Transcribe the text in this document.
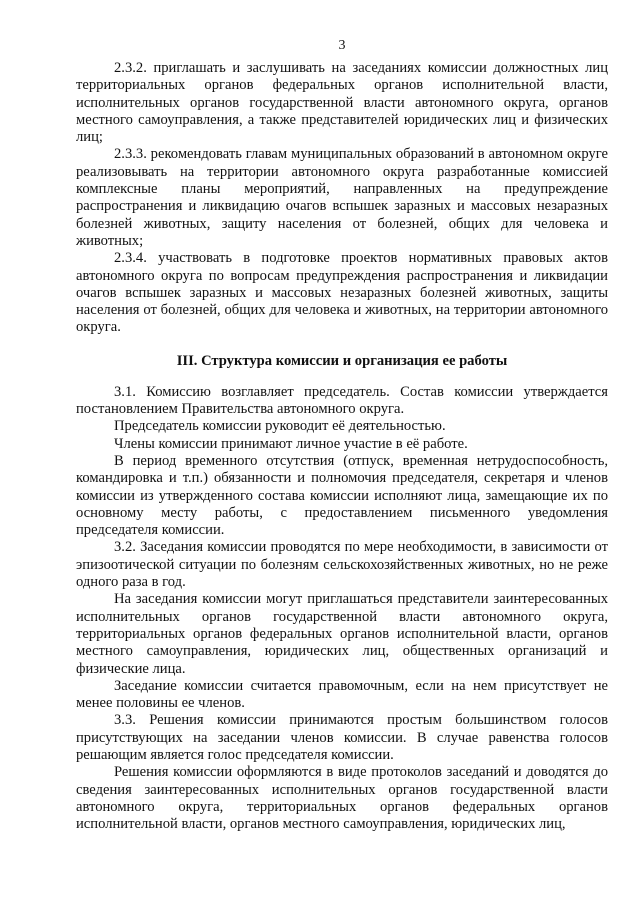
3

2.3.2. приглашать и заслушивать на заседаниях комиссии должностных лиц территориальных органов федеральных органов исполнительной власти, исполнительных органов государственной власти автономного округа, органов местного самоуправления, а также представителей юридических лиц и физических лиц;

2.3.3. рекомендовать главам муниципальных образований в автономном округе реализовывать на территории автономного округа разработанные комиссией комплексные планы мероприятий, направленных на предупреждение распространения и ликвидацию очагов вспышек заразных и массовых незаразных болезней животных, защиту населения от болезней, общих для человека и животных;

2.3.4. участвовать в подготовке проектов нормативных правовых актов автономного округа по вопросам предупреждения распространения и ликвидации очагов вспышек заразных и массовых незаразных болезней животных, защиты населения от болезней, общих для человека и животных, на территории автономного округа.

III. Структура комиссии и организация ее работы

3.1. Комиссию возглавляет председатель. Состав комиссии утверждается постановлением Правительства автономного округа.

Председатель комиссии руководит её деятельностью.

Члены комиссии принимают личное участие в её работе.

В период временного отсутствия (отпуск, временная нетрудоспособность, командировка и т.п.) обязанности и полномочия председателя, секретаря и членов комиссии из утвержденного состава комиссии исполняют лица, замещающие их по основному месту работы, с предоставлением письменного уведомления председателя комиссии.

3.2. Заседания комиссии проводятся по мере необходимости, в зависимости от эпизоотической ситуации по болезням сельскохозяйственных животных, но не реже одного раза в год.

На заседания комиссии могут приглашаться представители заинтересованных исполнительных органов государственной власти автономного округа, территориальных органов федеральных органов исполнительной власти, органов местного самоуправления, юридических лиц, общественных организаций и физические лица.

Заседание комиссии считается правомочным, если на нем присутствует не менее половины ее членов.

3.3. Решения комиссии принимаются простым большинством голосов присутствующих на заседании членов комиссии. В случае равенства голосов решающим является голос председателя комиссии.

Решения комиссии оформляются в виде протоколов заседаний и доводятся до сведения заинтересованных исполнительных органов государственной власти автономного округа, территориальных органов федеральных органов исполнительной власти, органов местного самоуправления, юридических лиц,
